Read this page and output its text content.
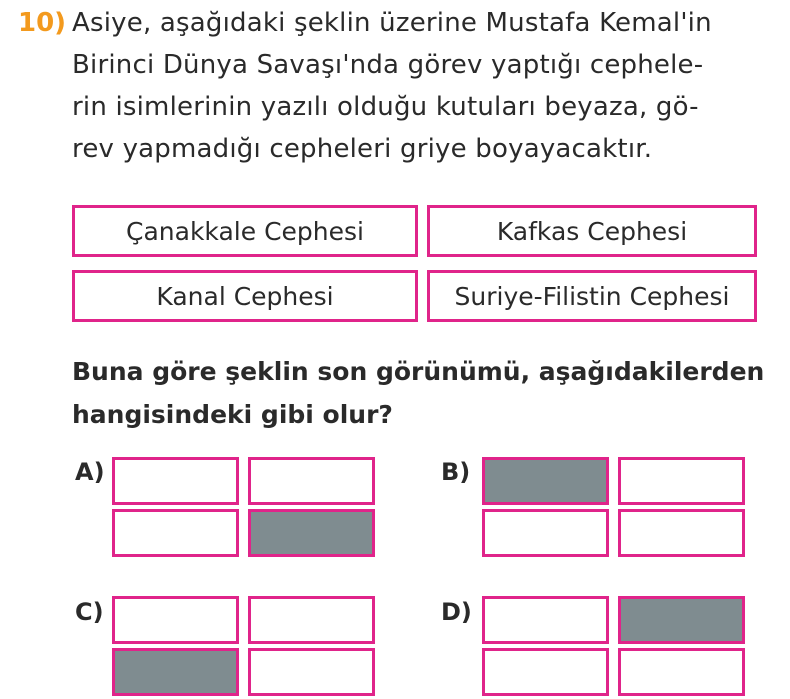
10) Asiye, aşağıdaki şeklin üzerine Mustafa Kemal'in
Birinci Dünya Savaşı'nda görev yaptığı cephele-
rin isimlerinin yazılı olduğu kutuları beyaza, gö-
rev yapmadığı cepheleri griye boyayacaktır.
Çanakkale Cephesi	Kafkas Cephesi
Kanal Cephesi	Suriye-Filistin Cephesi
Buna göre şeklin son görünümü, aşağıdakilerden
hangisindeki gibi olur?
A)	B)
C)	D)
